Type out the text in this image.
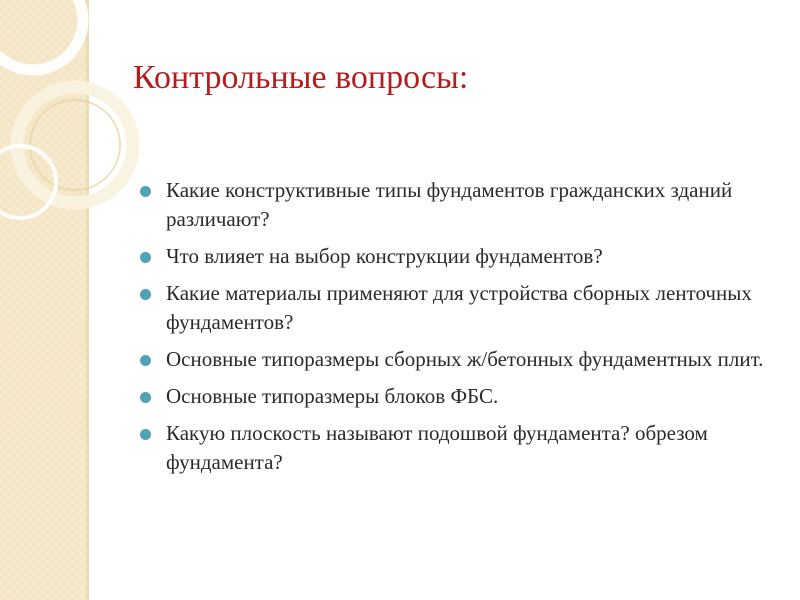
Контрольные вопросы:
Какие конструктивные типы фундаментов гражданских зданий различают?
Что влияет на выбор конструкции фундаментов?
Какие материалы применяют для устройства сборных ленточных фундаментов?
Основные типоразмеры сборных ж/бетонных фундаментных плит.
Основные типоразмеры блоков ФБС.
Какую плоскость называют подошвой фундамента? обрезом фундамента?
